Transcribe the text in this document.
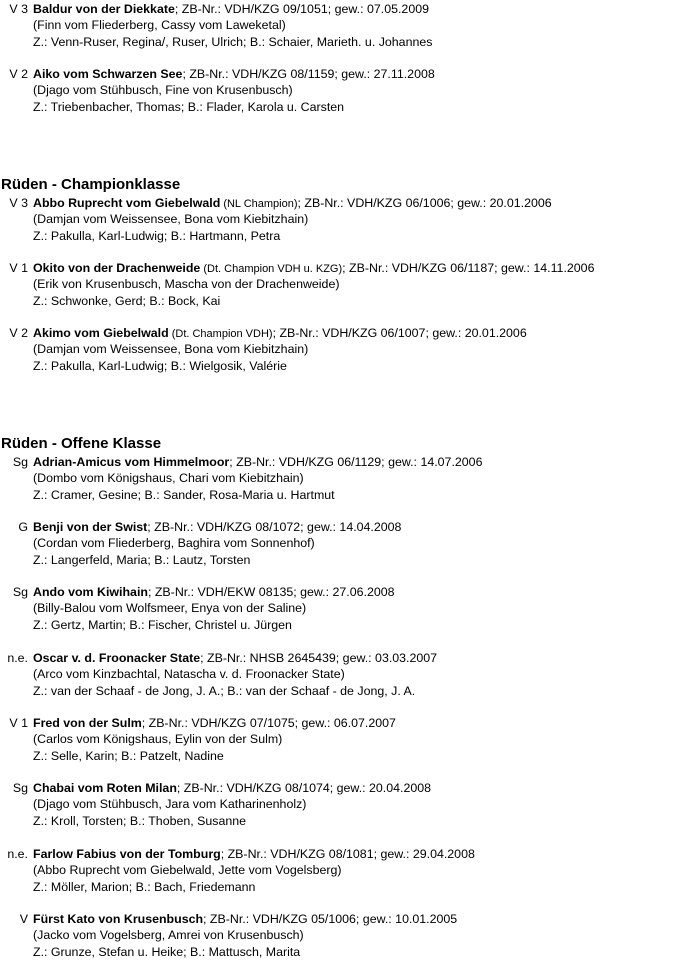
V 3 Baldur von der Diekkate; ZB-Nr.: VDH/KZG 09/1051; gew.: 07.05.2009
(Finn vom Fliederberg, Cassy vom Laweketal)
Z.: Venn-Ruser, Regina/, Ruser, Ulrich; B.: Schaier, Marieth. u. Johannes
V 2 Aiko vom Schwarzen See; ZB-Nr.: VDH/KZG 08/1159; gew.: 27.11.2008
(Djago vom Stühbusch, Fine von Krusenbusch)
Z.: Triebenbacher, Thomas; B.: Flader, Karola u. Carsten
Rüden - Championklasse
V 3 Abbo Ruprecht vom Giebelwald (NL Champion); ZB-Nr.: VDH/KZG 06/1006; gew.: 20.01.2006
(Damjan vom Weissensee, Bona vom Kiebitzhain)
Z.: Pakulla, Karl-Ludwig; B.: Hartmann, Petra
V 1 Okito von der Drachenweide (Dt. Champion VDH u. KZG); ZB-Nr.: VDH/KZG 06/1187; gew.: 14.11.2006
(Erik von Krusenbusch, Mascha von der Drachenweide)
Z.: Schwonke, Gerd; B.: Bock, Kai
V 2 Akimo vom Giebelwald (Dt. Champion VDH); ZB-Nr.: VDH/KZG 06/1007; gew.: 20.01.2006
(Damjan vom Weissensee, Bona vom Kiebitzhain)
Z.: Pakulla, Karl-Ludwig; B.: Wielgosik, Valérie
Rüden - Offene Klasse
Sg Adrian-Amicus vom Himmelmoor; ZB-Nr.: VDH/KZG 06/1129; gew.: 14.07.2006
(Dombo vom Königshaus, Chari vom Kiebitzhain)
Z.: Cramer, Gesine; B.: Sander, Rosa-Maria u. Hartmut
G Benji von der Swist; ZB-Nr.: VDH/KZG 08/1072; gew.: 14.04.2008
(Cordan vom Fliederberg, Baghira vom Sonnenhof)
Z.: Langerfeld, Maria; B.: Lautz, Torsten
Sg Ando vom Kiwihain; ZB-Nr.: VDH/EKW 08135; gew.: 27.06.2008
(Billy-Balou vom Wolfsmeer, Enya von der Saline)
Z.: Gertz, Martin; B.: Fischer, Christel u. Jürgen
n.e. Oscar v. d. Froonacker State; ZB-Nr.: NHSB 2645439; gew.: 03.03.2007
(Arco vom Kinzbachtal, Natascha v. d. Froonacker State)
Z.: van der Schaaf - de Jong, J. A.; B.: van der Schaaf - de Jong, J. A.
V 1 Fred von der Sulm; ZB-Nr.: VDH/KZG 07/1075; gew.: 06.07.2007
(Carlos vom Königshaus, Eylin von der Sulm)
Z.: Selle, Karin; B.: Patzelt, Nadine
Sg Chabai vom Roten Milan; ZB-Nr.: VDH/KZG 08/1074; gew.: 20.04.2008
(Djago vom Stühbusch, Jara vom Katharinenholz)
Z.: Kroll, Torsten; B.: Thoben, Susanne
n.e. Farlow Fabius von der Tomburg; ZB-Nr.: VDH/KZG 08/1081; gew.: 29.04.2008
(Abbo Ruprecht vom Giebelwald, Jette vom Vogelsberg)
Z.: Möller, Marion; B.: Bach, Friedemann
V Fürst Kato von Krusenbusch; ZB-Nr.: VDH/KZG 05/1006; gew.: 10.01.2005
(Jacko vom Vogelsberg, Amrei von Krusenbusch)
Z.: Grunze, Stefan u. Heike; B.: Mattusch, Marita
